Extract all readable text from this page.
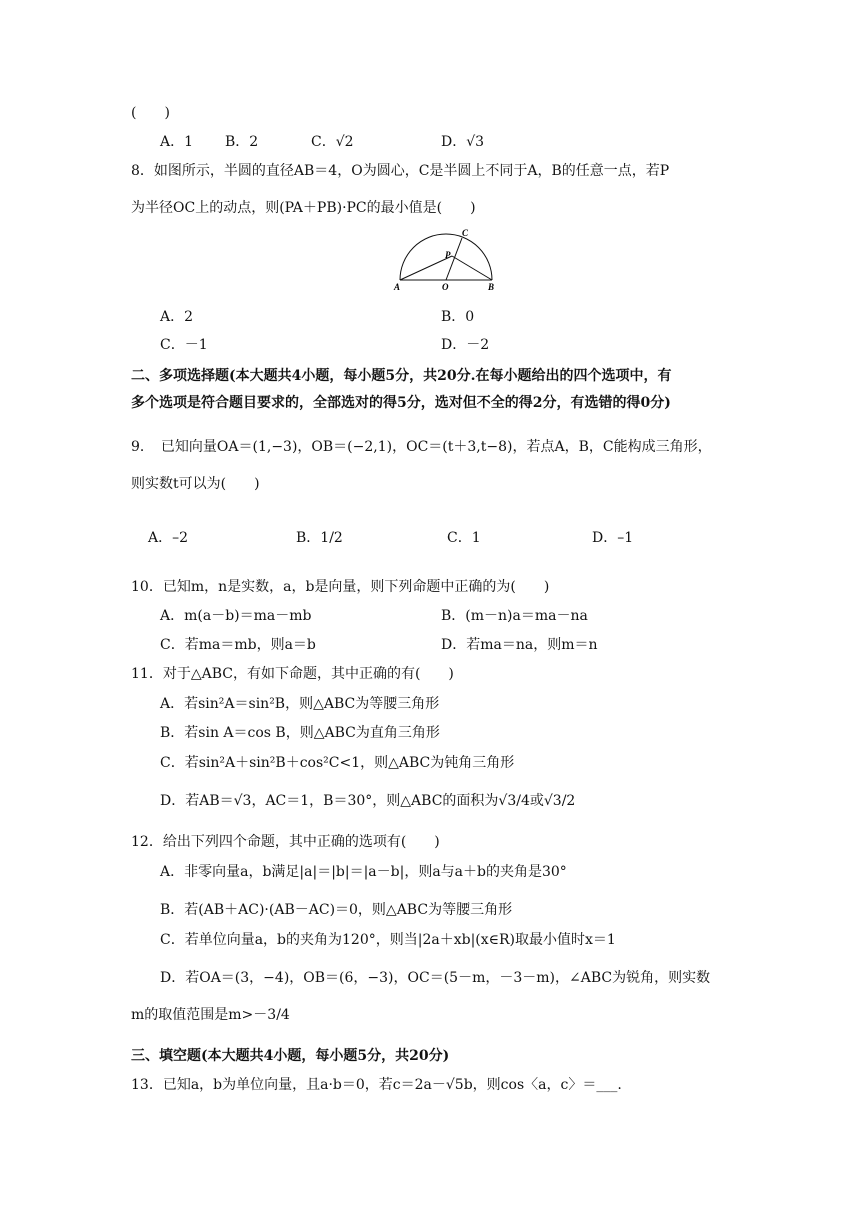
(　　)
A．1 B．2	C．√2	D．√3
8．如图所示，半圆的直径AB＝4，O为圆心，C是半圆上不同于A，B的任意一点，若P
为半径OC上的动点，则(PA＋PB)·PC的最小值是(　　)
A	O	B
C
P
A．2	B．0
C．－1	D．－2
二、多项选择题(本大题共4小题，每小题5分，共20分.在每小题给出的四个选项中，有
多个选项是符合题目要求的，全部选对的得5分，选对但不全的得2分，有选错的得0分)
9．　已知向量OA＝(1,−3)，OB＝(−2,1)，OC＝(t＋3,t−8)，若点A，B，C能构成三角形，
则实数t可以为(　　)
A．–2	B．1/2	C．1	D．–1
10．已知m，n是实数，a，b是向量，则下列命题中正确的为(　　)
A．m(a－b)＝ma－mb	B．(m－n)a＝ma－na
C．若ma＝mb，则a＝b	D．若ma＝na，则m＝n
11．对于△ABC，有如下命题，其中正确的有(　　)
A．若sin²A＝sin²B，则△ABC为等腰三角形
B．若sin A＝cos B，则△ABC为直角三角形
C．若sin²A＋sin²B＋cos²C<1，则△ABC为钝角三角形
D．若AB＝√3，AC＝1，B＝30°，则△ABC的面积为√3/4或√3/2
12．给出下列四个命题，其中正确的选项有(　　)
A．非零向量a，b满足|a|＝|b|＝|a－b|，则a与a＋b的夹角是30°
B．若(AB＋AC)·(AB－AC)＝0，则△ABC为等腰三角形
C．若单位向量a，b的夹角为120°，则当|2a＋xb|(x∈R)取最小值时x＝1
D．若OA＝(3，−4)，OB＝(6，−3)，OC＝(5－m，－3－m)，∠ABC为锐角，则实数
m的取值范围是m>－3/4
三、填空题(本大题共4小题，每小题5分，共20分)
13．已知a，b为单位向量，且a·b＝0，若c＝2a－√5b，则cos〈a，c〉＝___.
